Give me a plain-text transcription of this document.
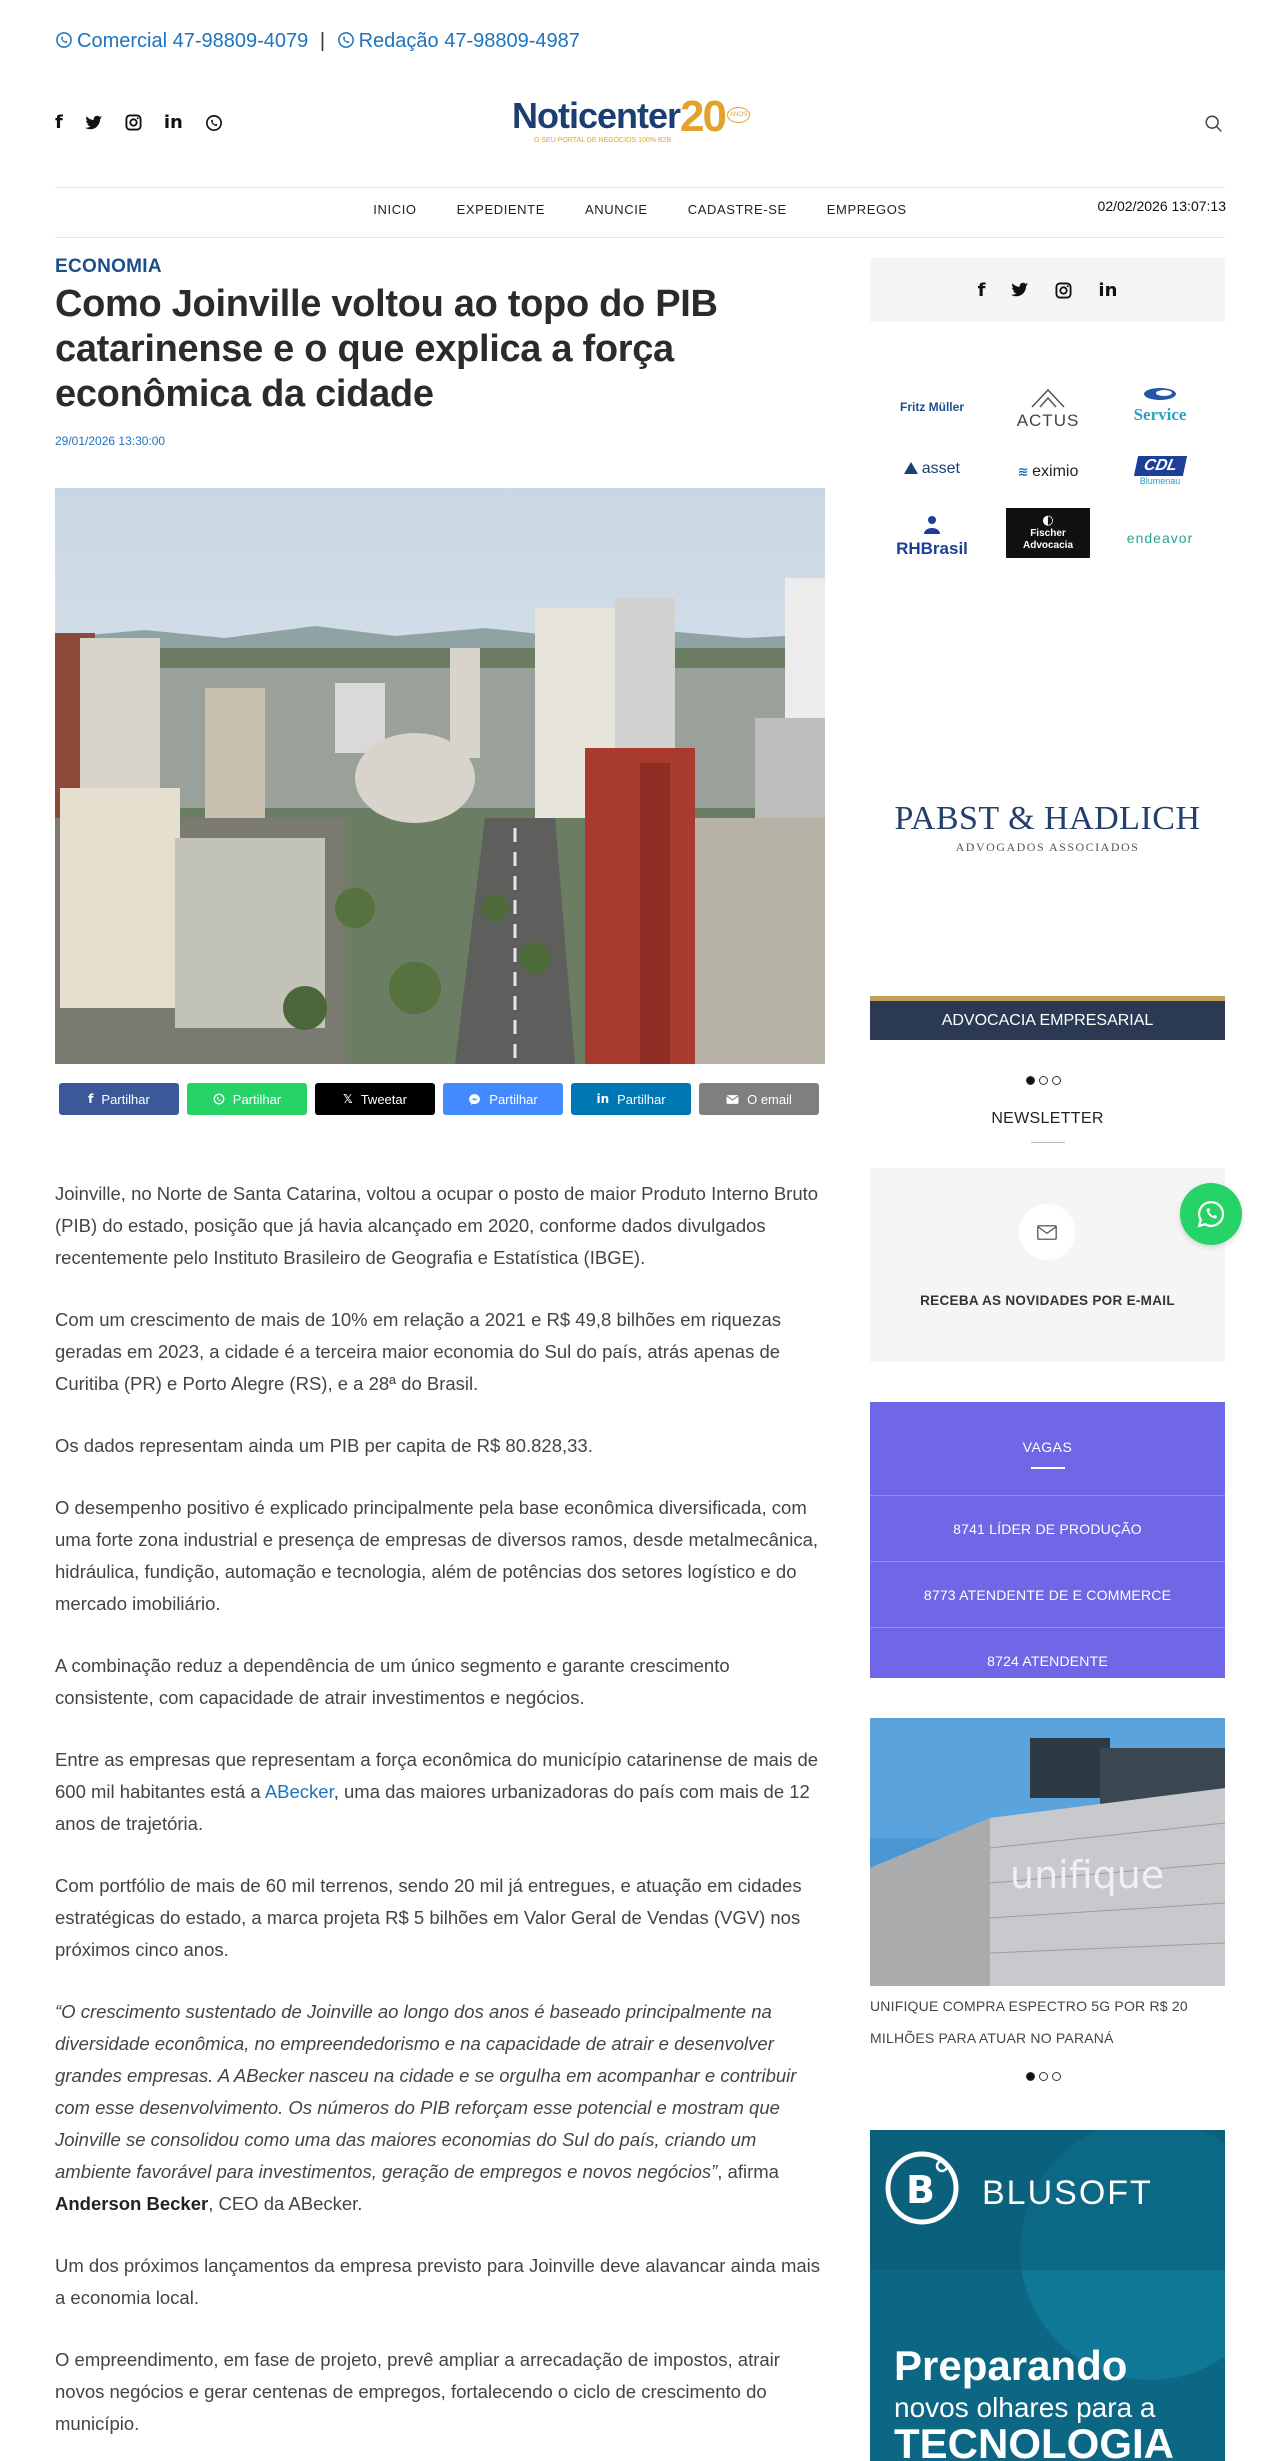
Comercial 47-98809-4079 | Redação 47-98809-4987
f	in	Noticenter 20 ANOS
O SEU PORTAL DE NEGÓCIOS 100% B2B
INICIO	EXPEDIENTE	ANUNCIE	CADASTRE-SE	EMPREGOS	02/02/2026 13:07:13
ECONOMIA
Como Joinville voltou ao topo do PIB catarinense e o que explica a força econômica da cidade
29/01/2026 13:30:00
f Partilhar	Partilhar	𝕏 Tweetar	Partilhar	in Partilhar	O email

Joinville, no Norte de Santa Catarina, voltou a ocupar o posto de maior Produto Interno Bruto (PIB) do estado, posição que já havia alcançado em 2020, conforme dados divulgados recentemente pelo Instituto Brasileiro de Geografia e Estatística (IBGE).

Com um crescimento de mais de 10% em relação a 2021 e R$ 49,8 bilhões em riquezas geradas em 2023, a cidade é a terceira maior economia do Sul do país, atrás apenas de Curitiba (PR) e Porto Alegre (RS), e a 28ª do Brasil.

Os dados representam ainda um PIB per capita de R$ 80.828,33.

O desempenho positivo é explicado principalmente pela base econômica diversificada, com uma forte zona industrial e presença de empresas de diversos ramos, desde metalmecânica, hidráulica, fundição, automação e tecnologia, além de potências dos setores logístico e do mercado imobiliário.

A combinação reduz a dependência de um único segmento e garante crescimento consistente, com capacidade de atrair investimentos e negócios.

Entre as empresas que representam a força econômica do município catarinense de mais de 600 mil habitantes está a ABecker, uma das maiores urbanizadoras do país com mais de 12 anos de trajetória.

Com portfólio de mais de 60 mil terrenos, sendo 20 mil já entregues, e atuação em cidades estratégicas do estado, a marca projeta R$ 5 bilhões em Valor Geral de Vendas (VGV) nos próximos cinco anos.

“O crescimento sustentado de Joinville ao longo dos anos é baseado principalmente na diversidade econômica, no empreendedorismo e na capacidade de atrair e desenvolver grandes empresas. A ABecker nasceu na cidade e se orgulha em acompanhar e contribuir com esse desenvolvimento. Os números do PIB reforçam esse potencial e mostram que Joinville se consolidou como uma das maiores economias do Sul do país, criando um ambiente favorável para investimentos, geração de empregos e novos negócios”, afirma Anderson Becker, CEO da ABecker.

Um dos próximos lançamentos da empresa previsto para Joinville deve alavancar ainda mais a economia local.

O empreendimento, em fase de projeto, prevê ampliar a arrecadação de impostos, atrair novos negócios e gerar centenas de empregos, fortalecendo o ciclo de crescimento do município.

f	in
Fritz Müller
ACTUS	Service
asset	≋ eximio	CDL
Blumenau
RHBrasil
◐
Fischer Advocacia	endeavor
PABST & HADLICH
ADVOGADOS ASSOCIADOS
ADVOCACIA EMPRESARIAL
NEWSLETTER
RECEBA AS NOVIDADES POR E-MAIL
VAGAS
8741 LÍDER DE PRODUÇÃO
8773 ATENDENTE DE E COMMERCE
8724 ATENDENTE
unifique
UNIFIQUE COMPRA ESPECTRO 5G POR R$ 20 MILHÕES PARA ATUAR NO PARANÁ
B BLUSOFT
Preparando
novos olhares para a
TECNOLOGIA
